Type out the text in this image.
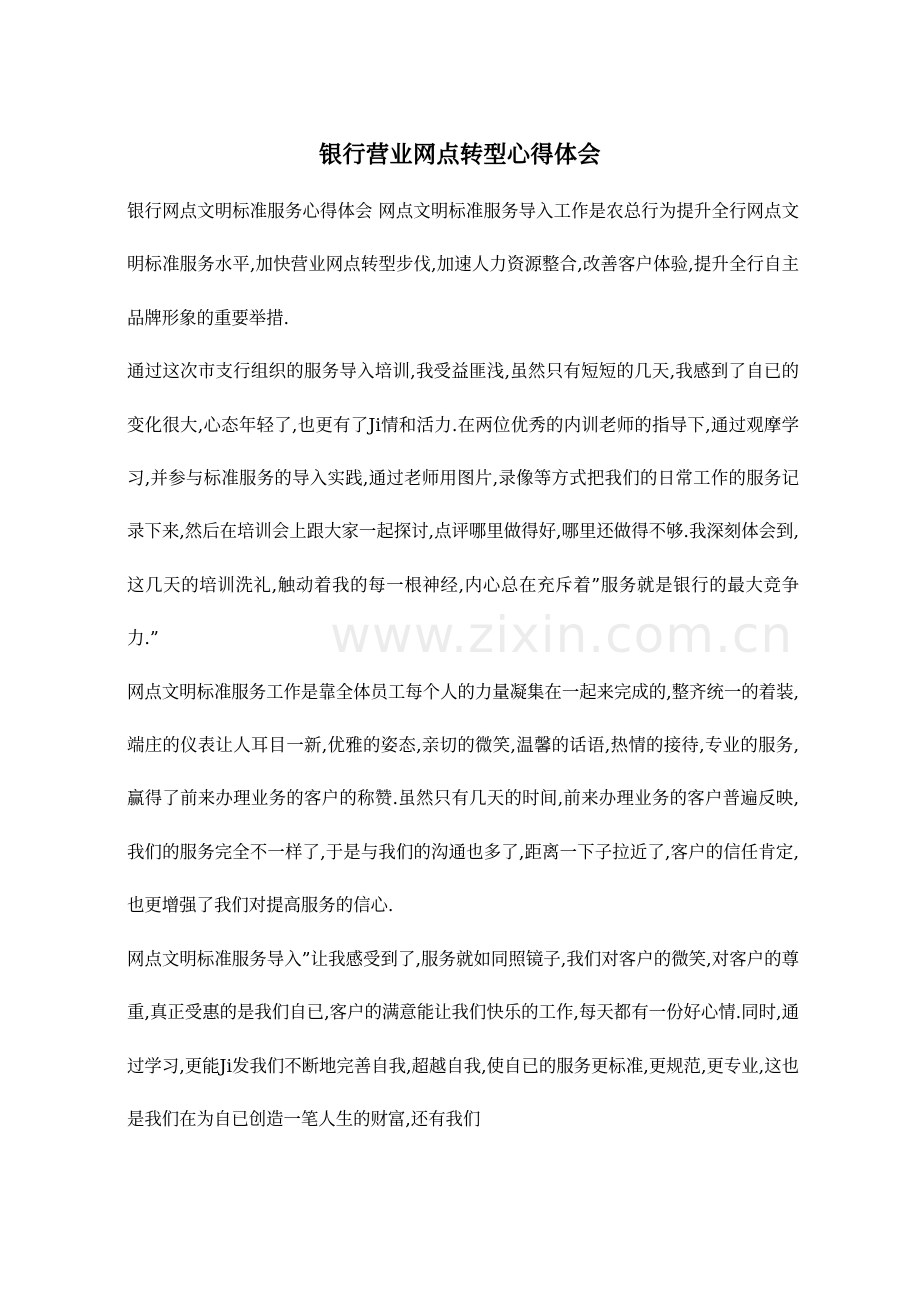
银行营业网点转型心得体会

银行网点文明标准服务心得体会 网点文明标准服务导入工作是农总行为提升全行网点文明标准服务水平,加快营业网点转型步伐,加速人力资源整合,改善客户体验,提升全行自主品牌形象的重要举措.

通过这次市支行组织的服务导入培训,我受益匪浅,虽然只有短短的几天,我感到了自已的变化很大,心态年轻了,也更有了Ji情和活力.在两位优秀的内训老师的指导下,通过观摩学习,并参与标准服务的导入实践,通过老师用图片,录像等方式把我们的日常工作的服务记录下来,然后在培训会上跟大家一起探讨,点评哪里做得好,哪里还做得不够.我深刻体会到,这几天的培训洗礼,触动着我的每一根神经,内心总在充斥着”服务就是银行的最大竞争力.”

网点文明标准服务工作是靠全体员工每个人的力量凝集在一起来完成的,整齐统一的着装,端庄的仪表让人耳目一新,优雅的姿态,亲切的微笑,温馨的话语,热情的接待,专业的服务,赢得了前来办理业务的客户的称赞.虽然只有几天的时间,前来办理业务的客户普遍反映,我们的服务完全不一样了,于是与我们的沟通也多了,距离一下子拉近了,客户的信任肯定,也更增强了我们对提高服务的信心.

网点文明标准服务导入”让我感受到了,服务就如同照镜子,我们对客户的微笑,对客户的尊重,真正受惠的是我们自已,客户的满意能让我们快乐的工作,每天都有一份好心情.同时,通过学习,更能Ji发我们不断地完善自我,超越自我,使自已的服务更标准,更规范,更专业,这也是我们在为自已创造一笔人生的财富,还有我们

www.zixin.com.cn
